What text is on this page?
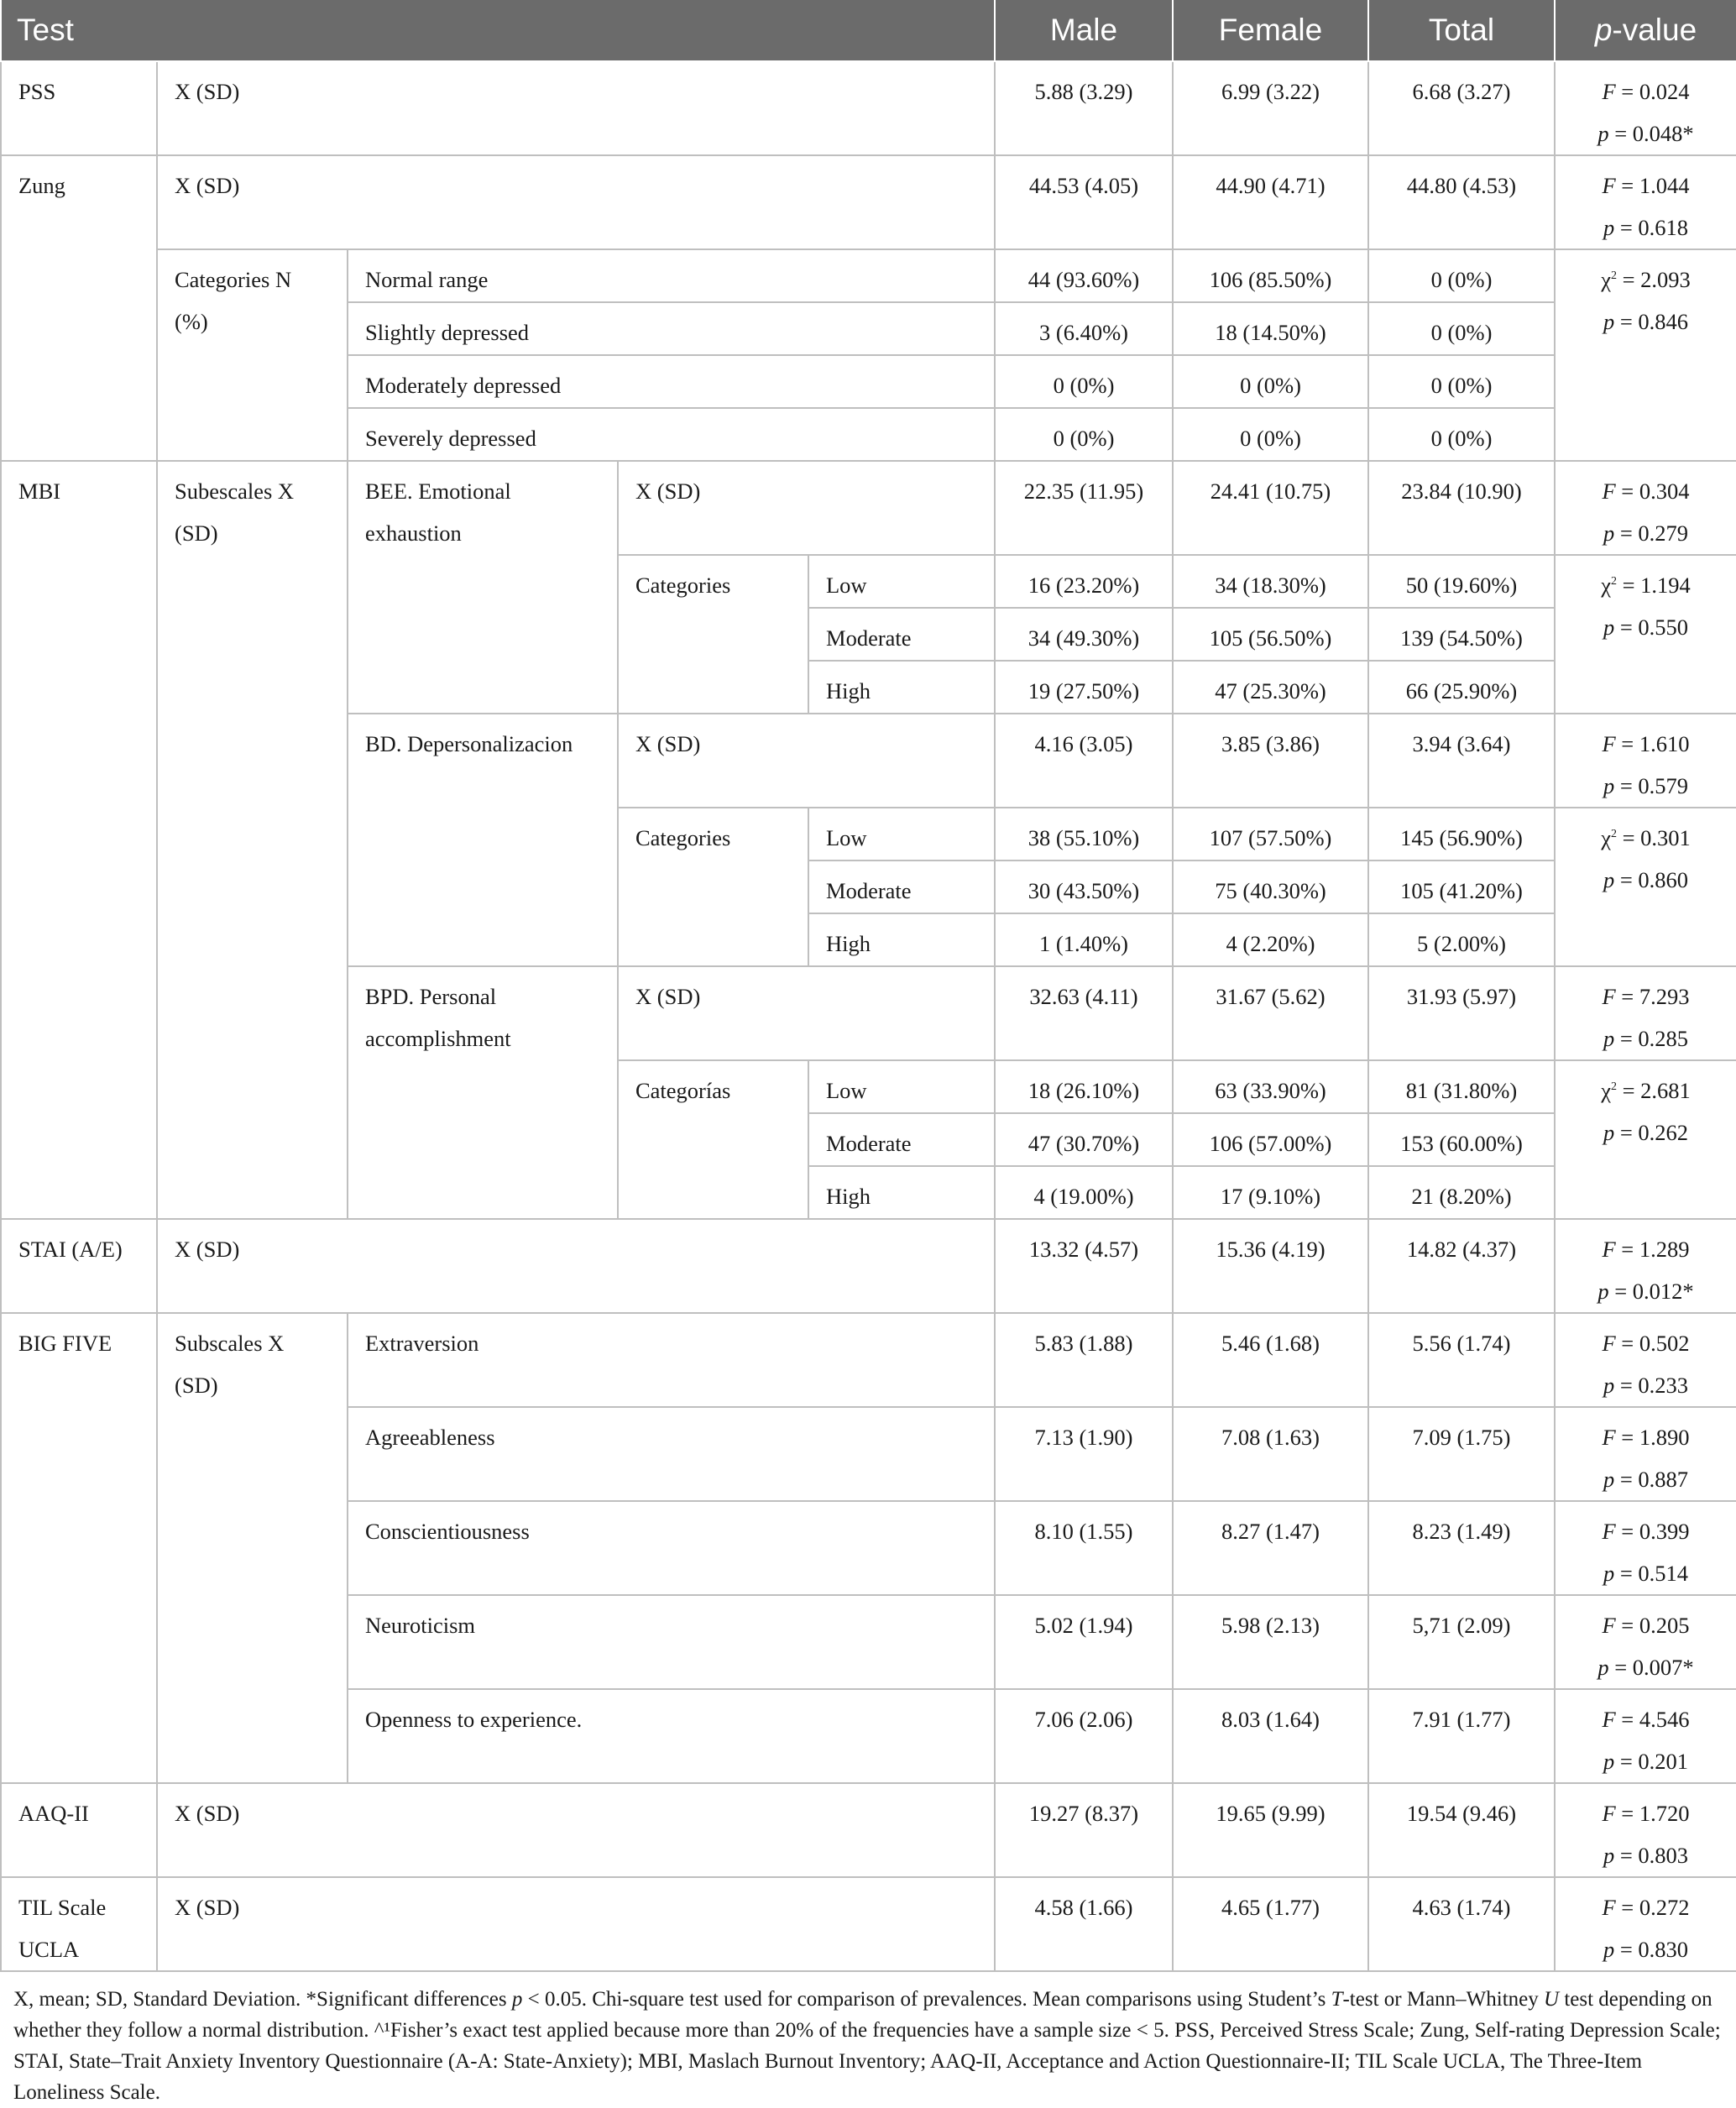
Test					Male	Female	Total	p-value
PSS	X (SD)				5.88 (3.29)	6.99 (3.22)	6.68 (3.27)	F = 0.024
p = 0.048*

Zung	X (SD)				44.53 (4.05)	44.90 (4.71)	44.80 (4.53)	F = 1.044
p = 0.618

	Categories N (%)	Normal range			44 (93.60%)	106 (85.50%)	0 (0%)	$\chi^2 = 2.093$
p = 0.846

		Slightly depressed			3 (6.40%)	18 (14.50%)	0 (0%)	
		Moderately depressed			0 (0%)	0 (0%)	0 (0%)	
		Severely depressed			0 (0%)	0 (0%)	0 (0%)	
MBI	Subescales X (SD)	BEE. Emotional exhaustion	X (SD)		22.35 (11.95)	24.41 (10.75)	23.84 (10.90)	F = 0.304
p = 0.279

			Categories	Low	16 (23.20%)	34 (18.30%)	50 (19.60%)	$\chi^2 = 1.194$
p = 0.550

				Moderate	34 (49.30%)	105 (56.50%)	139 (54.50%)	
				High	19 (27.50%)	47 (25.30%)	66 (25.90%)	
		BD. Depersonalizacion	X (SD)		4.16 (3.05)	3.85 (3.86)	3.94 (3.64)	F = 1.610
p = 0.579

			Categories	Low	38 (55.10%)	107 (57.50%)	145 (56.90%)	$\chi^2 = 0.301$
p = 0.860

				Moderate	30 (43.50%)	75 (40.30%)	105 (41.20%)	
				High	1 (1.40%)	4 (2.20%)	5 (2.00%)	
		BPD. Personal accomplishment	X (SD)		32.63 (4.11)	31.67 (5.62)	31.93 (5.97)	F = 7.293
p = 0.285

			Categorías	Low	18 (26.10%)	63 (33.90%)	81 (31.80%)	$\chi^2 = 2.681$
p = 0.262

				Moderate	47 (30.70%)	106 (57.00%)	153 (60.00%)	
				High	4 (19.00%)	17 (9.10%)	21 (8.20%)	
STAI (A/E)	X (SD)				13.32 (4.57)	15.36 (4.19)	14.82 (4.37)	F = 1.289
p = 0.012*

BIG FIVE	Subscales X (SD)	Extraversion			5.83 (1.88)	5.46 (1.68)	5.56 (1.74)	F = 0.502
p = 0.233

		Agreeableness			7.13 (1.90)	7.08 (1.63)	7.09 (1.75)	F = 1.890
p = 0.887

		Conscientiousness			8.10 (1.55)	8.27 (1.47)	8.23 (1.49)	F = 0.399
p = 0.514

		Neuroticism			5.02 (1.94)	5.98 (2.13)	5,71 (2.09)	F = 0.205
p = 0.007*

		Openness to experience.			7.06 (2.06)	8.03 (1.64)	7.91 (1.77)	F = 4.546
p = 0.201

AAQ-II	X (SD)				19.27 (8.37)	19.65 (9.99)	19.54 (9.46)	F = 1.720
p = 0.803

TIL Scale UCLA	X (SD)				4.58 (1.66)	4.65 (1.77)	4.63 (1.74)	F = 0.272
p = 0.830
X, mean; SD, Standard Deviation. *Significant differences p < 0.05. Chi-square test used for comparison of prevalences. Mean comparisons using Student’s T-test or Mann–Whitney U test depending on whether they follow a normal distribution. ^¹Fisher’s exact test applied because more than 20% of the frequencies have a sample size < 5. PSS, Perceived Stress Scale; Zung, Self-rating Depression Scale; STAI, State–Trait Anxiety Inventory Questionnaire (A-A: State-Anxiety); MBI, Maslach Burnout Inventory; AAQ-II, Acceptance and Action Questionnaire-II; TIL Scale UCLA, The Three-Item Loneliness Scale.
